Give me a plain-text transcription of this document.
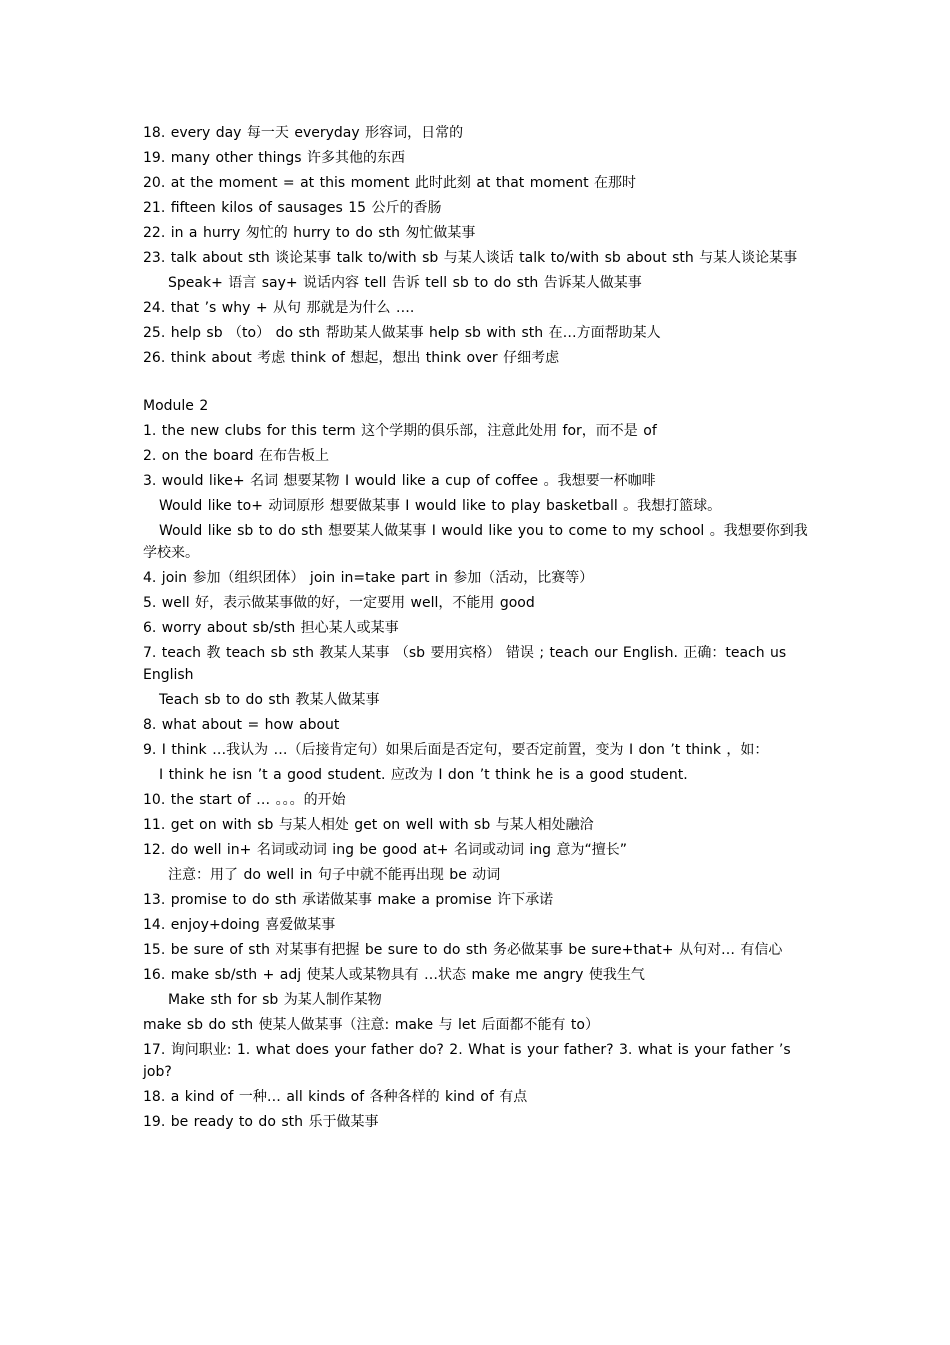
18. every day 每一天 everyday 形容词，日常的
19. many other things 许多其他的东西
20. at the moment = at this moment 此时此刻 at that moment 在那时
21. fifteen kilos of sausages 15 公斤的香肠
22. in a hurry 匆忙的 hurry to do sth 匆忙做某事
23. talk about sth 谈论某事 talk to/with sb 与某人谈话 talk to/with sb about sth 与某人谈论某事
Speak+ 语言 say+ 说话内容 tell 告诉 tell sb to do sth 告诉某人做某事
24. that ’s why + 从句 那就是为什么 ….
25. help sb （to） do sth 帮助某人做某事 help sb with sth 在…方面帮助某人
26. think about 考虑 think of 想起，想出 think over 仔细考虑
Module 2
1. the new clubs for this term 这个学期的俱乐部，注意此处用 for，而不是 of
2. on the board 在布告板上
3. would like+ 名词 想要某物 I would like a cup of coffee 。我想要一杯咖啡
Would like to+ 动词原形 想要做某事 I would like to play basketball 。我想打篮球。
Would like sb to do sth 想要某人做某事 I would like you to come to my school 。我想要你到我学校来。
4. join 参加（组织团体） join in=take part in 参加（活动，比赛等）
5. well 好，表示做某事做的好，一定要用 well，不能用 good
6. worry about sb/sth 担心某人或某事
7. teach 教 teach sb sth 教某人某事 （sb 要用宾格） 错误 ; teach our English. 正确：teach us English
Teach sb to do sth 教某人做某事
8. what about = how about
9. I think …我认为 …（后接肯定句）如果后面是否定句，要否定前置，变为 I don ’t think ，如：
I think he isn ’t a good student. 应改为 I don ’t think he is a good student.
10. the start of … 。。。的开始
11. get on with sb 与某人相处 get on well with sb 与某人相处融洽
12. do well in+ 名词或动词 ing be good at+ 名词或动词 ing 意为“擅长”
注意：用了 do well in 句子中就不能再出现 be 动词
13. promise to do sth 承诺做某事 make a promise 许下承诺
14. enjoy+doing 喜爱做某事
15. be sure of sth 对某事有把握 be sure to do sth 务必做某事 be sure+that+ 从句对… 有信心
16. make sb/sth + adj 使某人或某物具有 …状态 make me angry 使我生气
Make sth for sb 为某人制作某物
make sb do sth 使某人做某事（注意: make 与 let 后面都不能有 to）
17. 询问职业: 1. what does your father do? 2. What is your father? 3. what is your father ’s job?
18. a kind of 一种… all kinds of 各种各样的 kind of 有点
19. be ready to do sth 乐于做某事
